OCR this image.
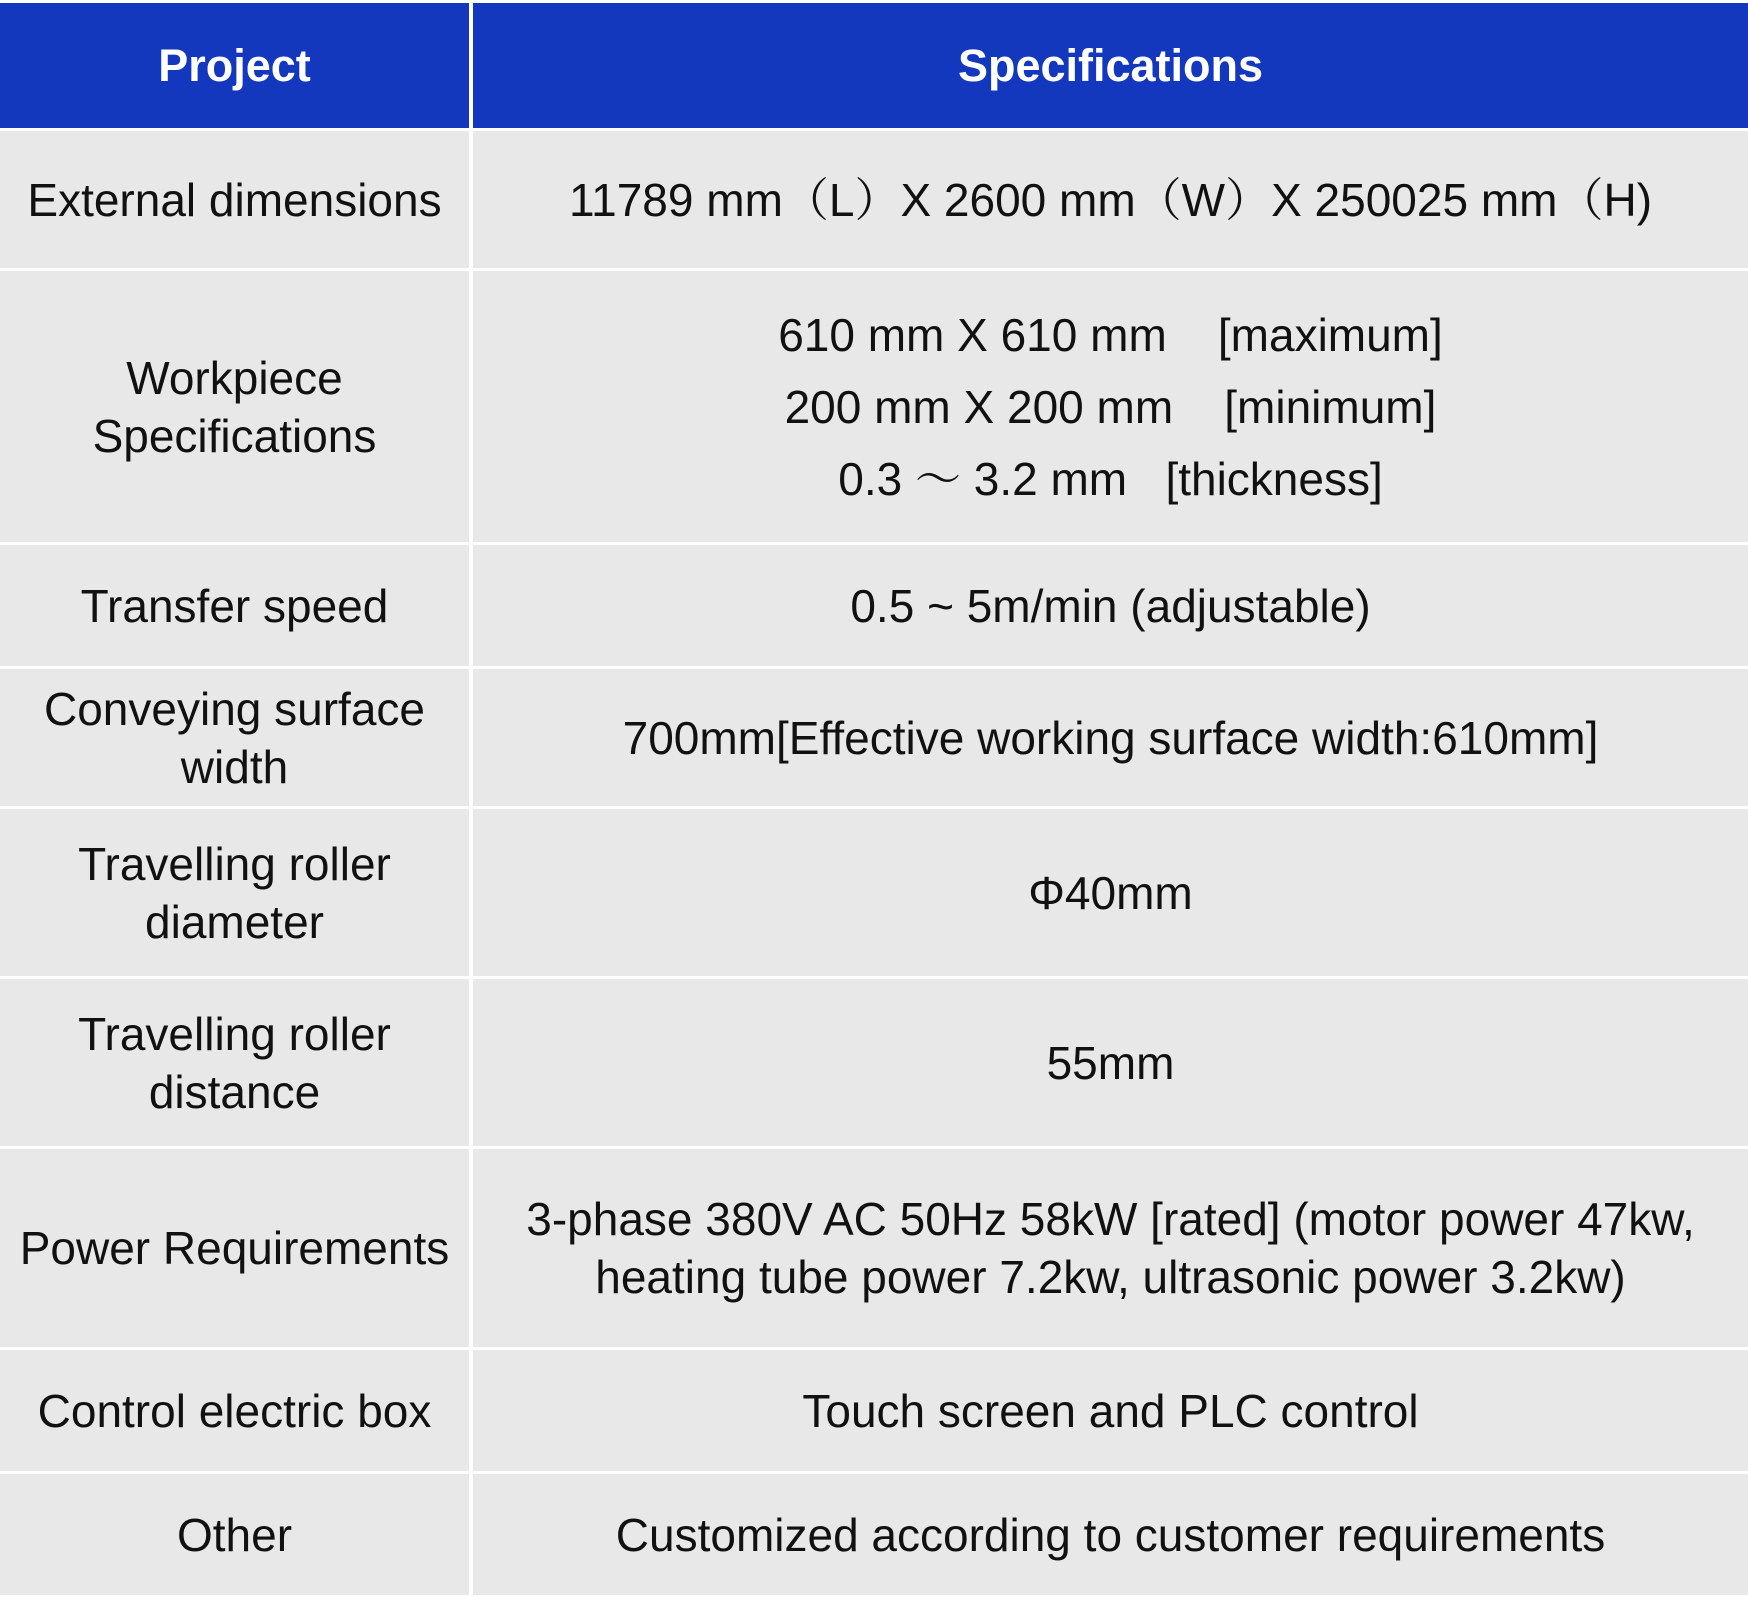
Project	Specifications
External dimensions	11789 mm（L）X 2600 mm（W）X 250025 mm（H)

Workpiece Specifications	610 mm X 610 mm    [maximum]
200 mm X 200 mm    [minimum]
0.3 ～ 3.2 mm   [thickness]

Transfer speed	0.5 ~ 5m/min (adjustable)

Conveying surface width	700mm[Effective working surface width:610mm]

Travelling roller diameter	Φ40mm

Travelling roller distance	55mm

Power Requirements	3-phase 380V AC 50Hz 58kW [rated] (motor power 47kw, heating tube power 7.2kw, ultrasonic power 3.2kw)
Control electric box	Touch screen and PLC control

Other	Customized according to customer requirements
